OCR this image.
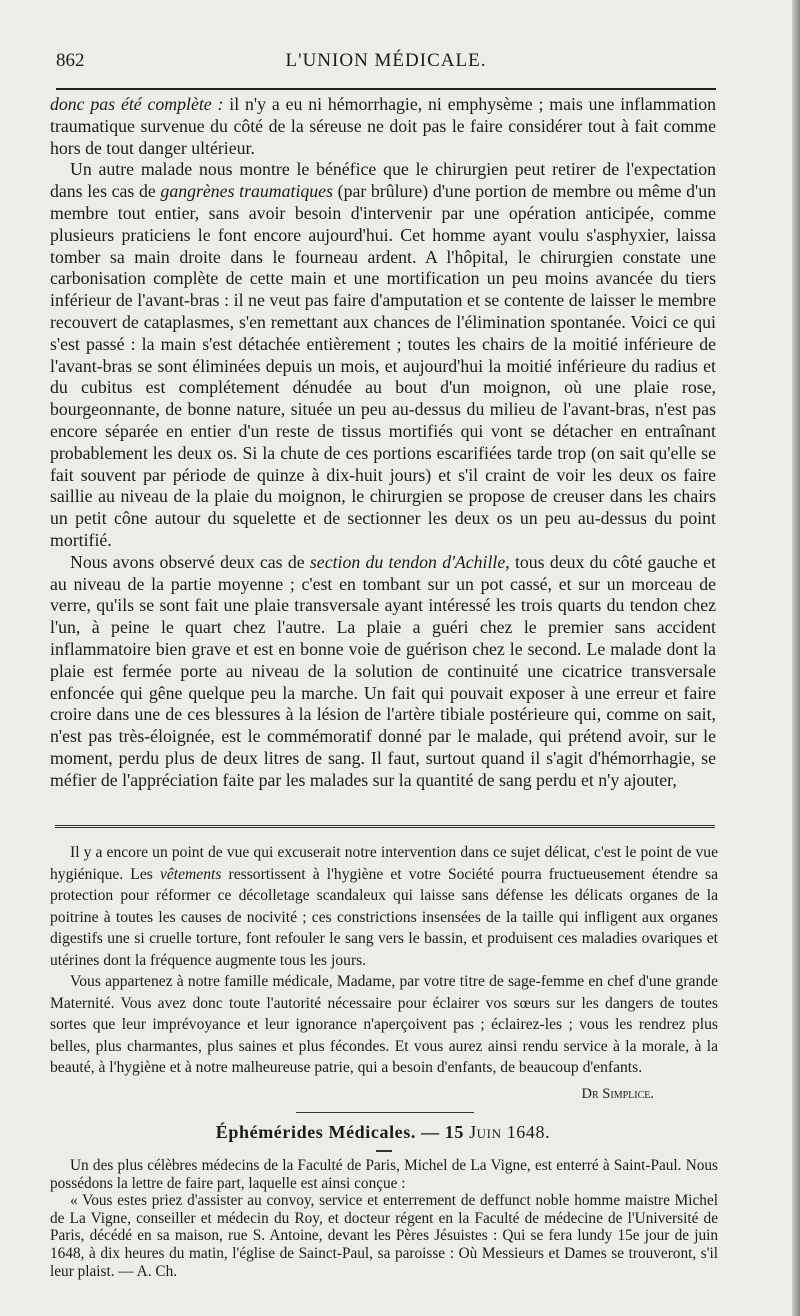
862	L'UNION MÉDICALE.

donc pas été complète : il n'y a eu ni hémorrhagie, ni emphysème ; mais une inflammation traumatique survenue du côté de la séreuse ne doit pas le faire considérer tout à fait comme hors de tout danger ultérieur.

Un autre malade nous montre le bénéfice que le chirurgien peut retirer de l'expectation dans les cas de gangrènes traumatiques (par brûlure) d'une portion de membre ou même d'un membre tout entier, sans avoir besoin d'intervenir par une opération anticipée, comme plusieurs praticiens le font encore aujourd'hui. Cet homme ayant voulu s'asphyxier, laissa tomber sa main droite dans le fourneau ardent. A l'hôpital, le chirurgien constate une carbonisation complète de cette main et une mortification un peu moins avancée du tiers inférieur de l'avant-bras : il ne veut pas faire d'amputation et se contente de laisser le membre recouvert de cataplasmes, s'en remettant aux chances de l'élimination spontanée. Voici ce qui s'est passé : la main s'est détachée entièrement ; toutes les chairs de la moitié inférieure de l'avant-bras se sont éliminées depuis un mois, et aujourd'hui la moitié inférieure du radius et du cubitus est complétement dénudée au bout d'un moignon, où une plaie rose, bourgeonnante, de bonne nature, située un peu au-dessus du milieu de l'avant-bras, n'est pas encore séparée en entier d'un reste de tissus mortifiés qui vont se détacher en entraînant probablement les deux os. Si la chute de ces portions escarifiées tarde trop (on sait qu'elle se fait souvent par période de quinze à dix-huit jours) et s'il craint de voir les deux os faire saillie au niveau de la plaie du moignon, le chirurgien se propose de creuser dans les chairs un petit cône autour du squelette et de sectionner les deux os un peu au-dessus du point mortifié.

Nous avons observé deux cas de section du tendon d'Achille, tous deux du côté gauche et au niveau de la partie moyenne ; c'est en tombant sur un pot cassé, et sur un morceau de verre, qu'ils se sont fait une plaie transversale ayant intéressé les trois quarts du tendon chez l'un, à peine le quart chez l'autre. La plaie a guéri chez le premier sans accident inflammatoire bien grave et est en bonne voie de guérison chez le second. Le malade dont la plaie est fermée porte au niveau de la solution de continuité une cicatrice transversale enfoncée qui gêne quelque peu la marche. Un fait qui pouvait exposer à une erreur et faire croire dans une de ces blessures à la lésion de l'artère tibiale postérieure qui, comme on sait, n'est pas très-éloignée, est le commémoratif donné par le malade, qui prétend avoir, sur le moment, perdu plus de deux litres de sang. Il faut, surtout quand il s'agit d'hémorrhagie, se méfier de l'appréciation faite par les malades sur la quantité de sang perdu et n'y ajouter,

Il y a encore un point de vue qui excuserait notre intervention dans ce sujet délicat, c'est le point de vue hygiénique. Les vêtements ressortissent à l'hygiène et votre Société pourra fructueusement étendre sa protection pour réformer ce décolletage scandaleux qui laisse sans défense les délicats organes de la poitrine à toutes les causes de nocivité ; ces constrictions insensées de la taille qui infligent aux organes digestifs une si cruelle torture, font refouler le sang vers le bassin, et produisent ces maladies ovariques et utérines dont la fréquence augmente tous les jours.

Vous appartenez à notre famille médicale, Madame, par votre titre de sage-femme en chef d'une grande Maternité. Vous avez donc toute l'autorité nécessaire pour éclairer vos sœurs sur les dangers de toutes sortes que leur imprévoyance et leur ignorance n'aperçoivent pas ; éclairez-les ; vous les rendrez plus belles, plus charmantes, plus saines et plus fécondes. Et vous aurez ainsi rendu service à la morale, à la beauté, à l'hygiène et à notre malheureuse patrie, qui a besoin d'enfants, de beaucoup d'enfants.

Dr Simplice.
Éphémérides Médicales. — 15 Juin 1648.

Un des plus célèbres médecins de la Faculté de Paris, Michel de La Vigne, est enterré à Saint-Paul. Nous possédons la lettre de faire part, laquelle est ainsi conçue :

« Vous estes priez d'assister au convoy, service et enterrement de deffunct noble homme maistre Michel de La Vigne, conseiller et médecin du Roy, et docteur régent en la Faculté de médecine de l'Université de Paris, décédé en sa maison, rue S. Antoine, devant les Pères Jésuistes : Qui se fera lundy 15e jour de juin 1648, à dix heures du matin, l'église de Sainct-Paul, sa paroisse : Où Messieurs et Dames se trouveront, s'il leur plaist. — A. Ch.
